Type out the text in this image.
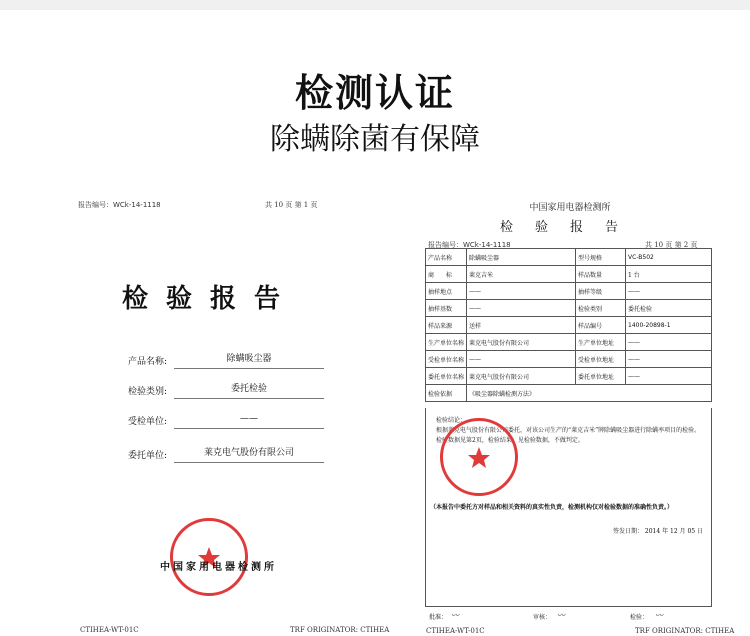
检测认证
除螨除菌有保障
报告编号：WCk-14-1118	共 10 页 第 1 页
检验报告
产品名称:	除螨吸尘器
检验类别:	委托检验
受检单位:	——
委托单位:	莱克电气股份有限公司
中国家用电器检测所
CTIHEA-WT-01C	TRF ORIGINATOR: CTIHEA
中国家用电器检测所
检验报告
报告编号：WCk-14-1118	共 10 页 第 2 页
产品名称	除螨吸尘器	型号规格	VC-B502
商　　标	莱克吉米	样品数量	1 台
抽样地点	——	抽样等级	——
抽样基数	——	检验类别	委托检验
样品来源	送样	样品编号	1400-20898-1
生产单位名称	莱克电气股份有限公司	生产单位地址	——
受检单位名称	——	受检单位地址	——
委托单位名称	莱克电气股份有限公司	委托单位地址	——
检验依据	《吸尘器除螨检测方法》		
检验结论：
根据莱克电气股份有限公司委托，对该公司生产的“莱克吉米”牌除螨吸尘器进行除螨率项目的检验。检验数据见第2页，检验结果：见检验数据，不做判定。
（本报告中委托方对样品和相关资料的真实性负责，检测机构仅对检验数据的准确性负责。）
签发日期： 2014 年 12 月 05 日
批准： 〰	审核： 〰	检验： 〰
CTIHEA-WT-01C	TRF ORIGINATOR: CTIHEA
